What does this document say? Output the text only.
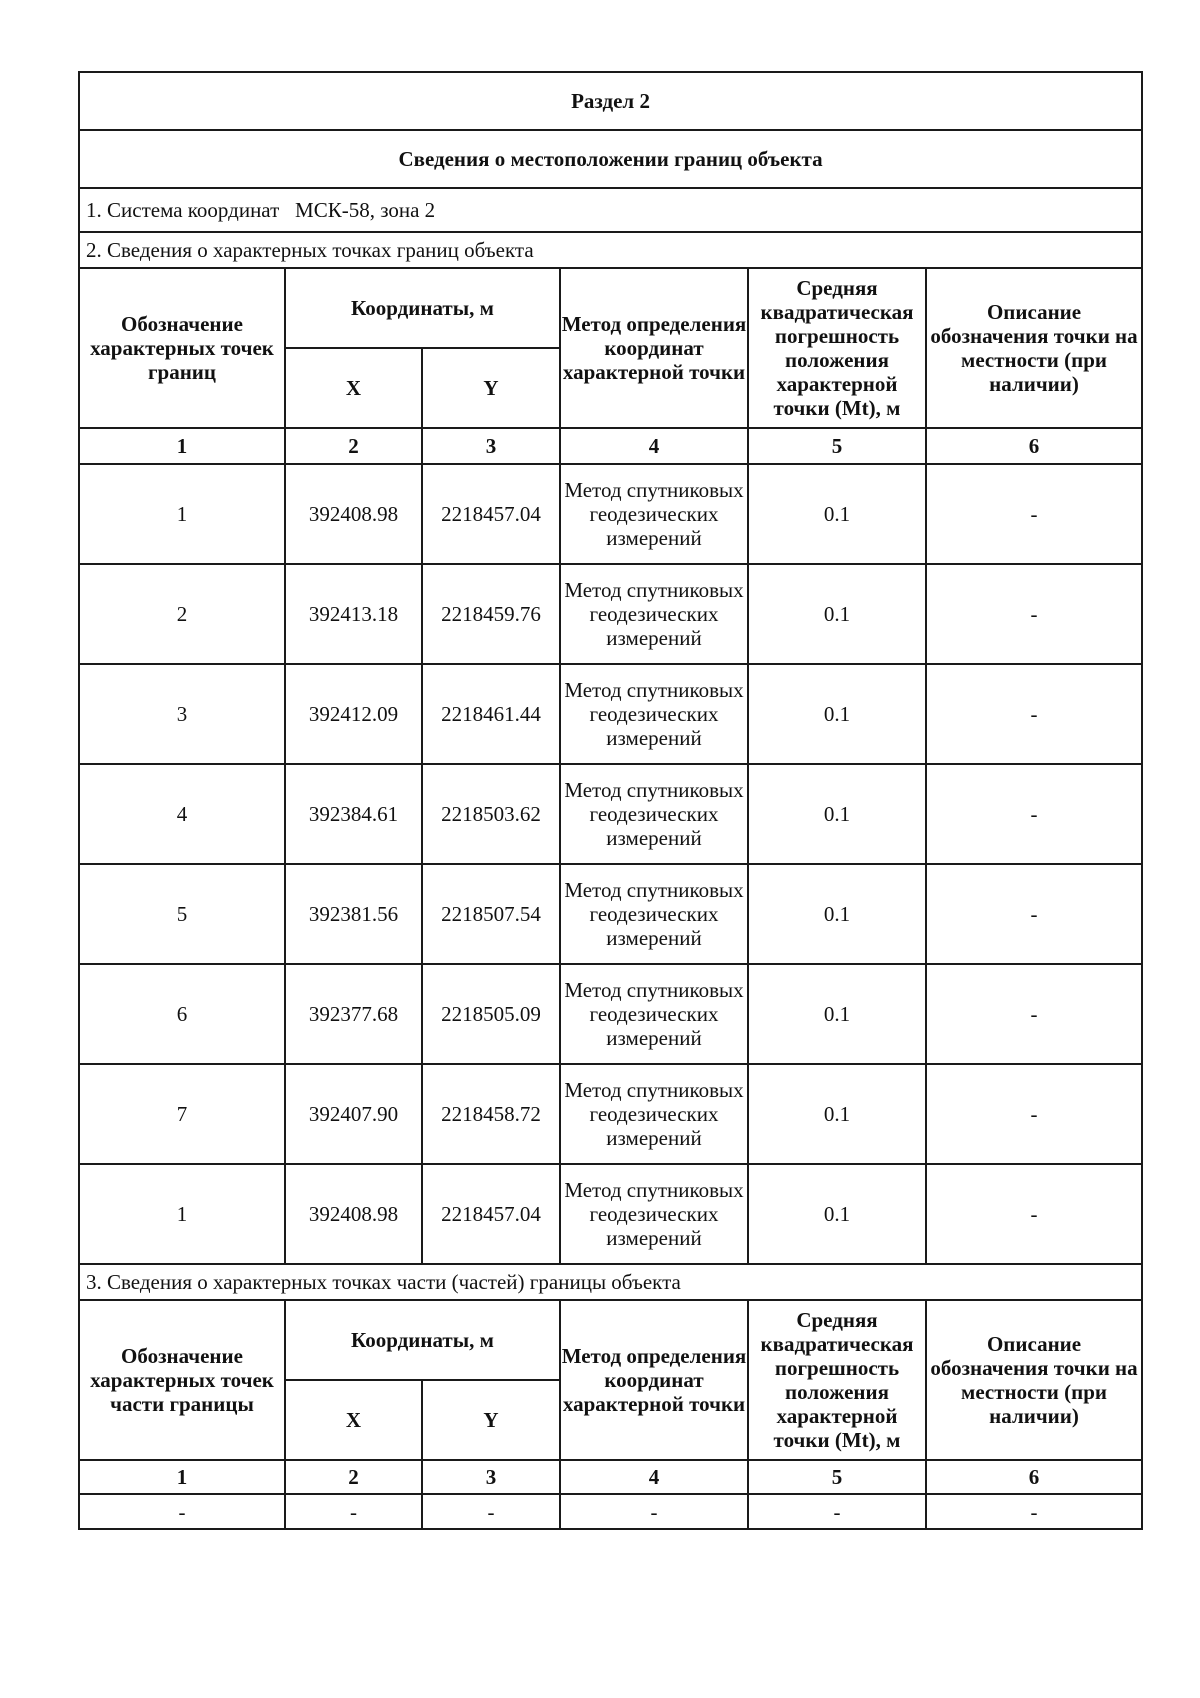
Раздел 2					
Сведения о местоположении границ объекта					
1. Система координат МСК-58, зона 2					
2. Сведения о характерных точках границ объекта					
Обозначение характерных точек границ	Координаты, м		Метод определения координат характерной точки	Средняя квадратическая погрешность положения характерной точки (Mt), м	Описание обозначения точки на местности (при наличии)
	X	Y			
1	2	3	4	5	6
1	392408.98	2218457.04	Метод спутниковых геодезических измерений	0.1	-
2	392413.18	2218459.76	Метод спутниковых геодезических измерений	0.1	-
3	392412.09	2218461.44	Метод спутниковых геодезических измерений	0.1	-
4	392384.61	2218503.62	Метод спутниковых геодезических измерений	0.1	-
5	392381.56	2218507.54	Метод спутниковых геодезических измерений	0.1	-
6	392377.68	2218505.09	Метод спутниковых геодезических измерений	0.1	-
7	392407.90	2218458.72	Метод спутниковых геодезических измерений	0.1	-
1	392408.98	2218457.04	Метод спутниковых геодезических измерений	0.1	-
3. Сведения о характерных точках части (частей) границы объекта					
Обозначение характерных точек части границы	Координаты, м		Метод определения координат характерной точки	Средняя квадратическая погрешность положения характерной точки (Mt), м	Описание обозначения точки на местности (при наличии)
	X	Y			
1	2	3	4	5	6
-	-	-	-	-	-
